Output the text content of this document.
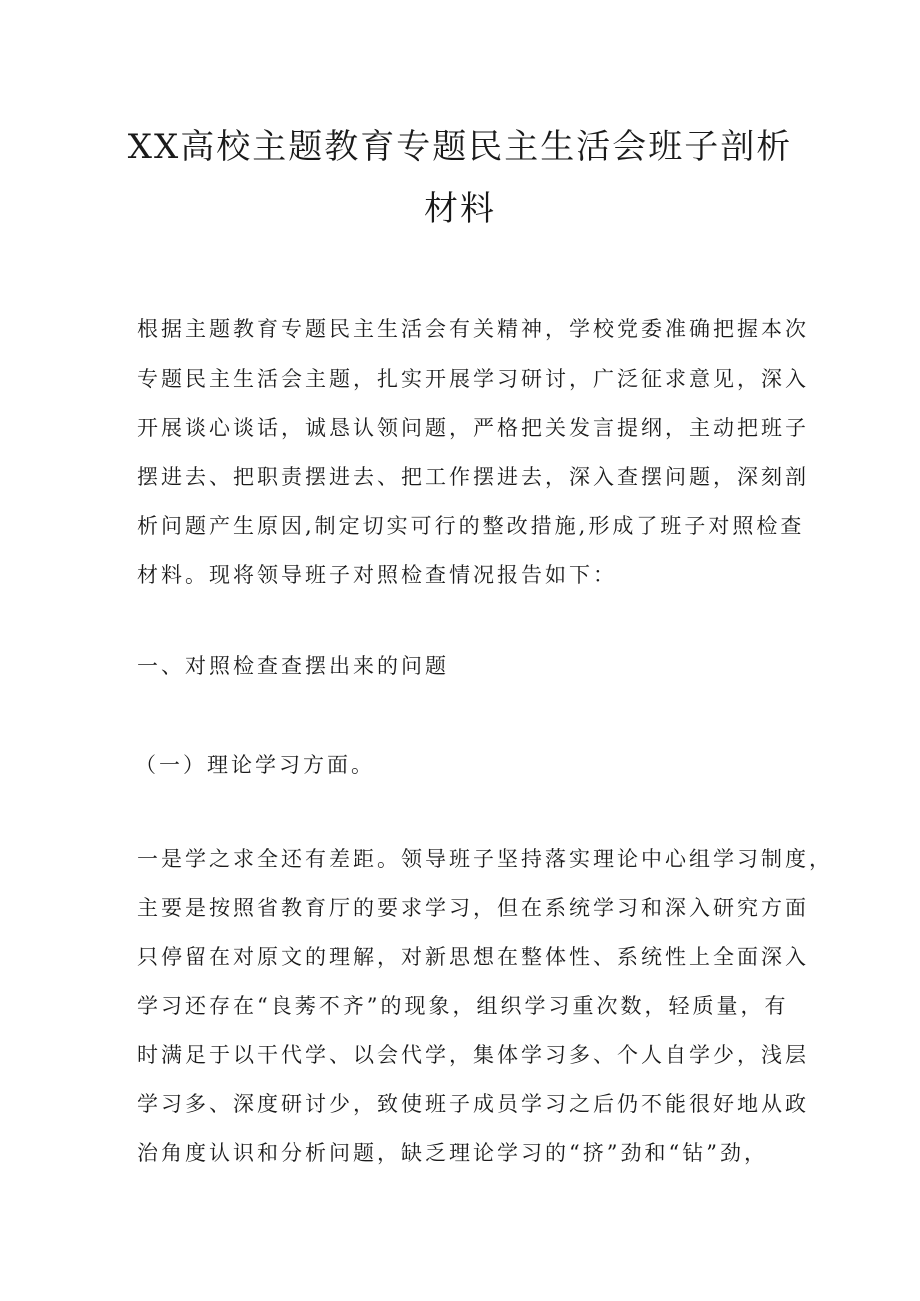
XX高校主题教育专题民主生活会班子剖析
材料

根据主题教育专题民主生活会有关精神，学校党委准确把握本次

专题民主生活会主题，扎实开展学习研讨，广泛征求意见，深入

开展谈心谈话，诚恳认领问题，严格把关发言提纲，主动把班子

摆进去、把职责摆进去、把工作摆进去，深入查摆问题，深刻剖

析问题产生原因,制定切实可行的整改措施,形成了班子对照检查

材料。现将领导班子对照检查情况报告如下：

一、对照检查查摆出来的问题

（一）理论学习方面。

一是学之求全还有差距。领导班子坚持落实理论中心组学习制度，

主要是按照省教育厅的要求学习，但在系统学习和深入研究方面

只停留在对原文的理解，对新思想在整体性、系统性上全面深入

学习还存在“良莠不齐”的现象，组织学习重次数，轻质量，有

时满足于以干代学、以会代学，集体学习多、个人自学少，浅层

学习多、深度研讨少，致使班子成员学习之后仍不能很好地从政

治角度认识和分析问题，缺乏理论学习的“挤”劲和“钻”劲，
